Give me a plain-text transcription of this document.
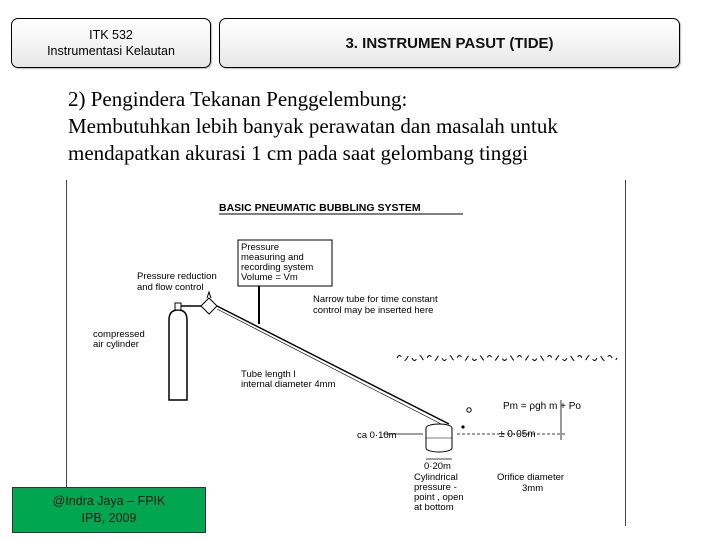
ITK 532
Instrumentasi Kelautan	3. INSTRUMEN PASUT (TIDE)
2) Pengindera Tekanan Penggelembung:
Membutuhkan lebih banyak perawatan dan masalah untuk
mendapatkan akurasi 1 cm pada saat gelombang tinggi
BASIC PNEUMATIC BUBBLING SYSTEM
Pressure measuring and recording system Volume = Vm
Pressure reduction and flow control
compressed air cylinder
Narrow tube for time constant control may be inserted here
Tube length l internal diameter 4mm
Pm = ρgh m + Po
± 0·05m
ca 0·10m
0·20m
Cylindrical pressure - point , open at bottom
Orifice diameter 3mm
@Indra Jaya – FPIK
IPB, 2009
